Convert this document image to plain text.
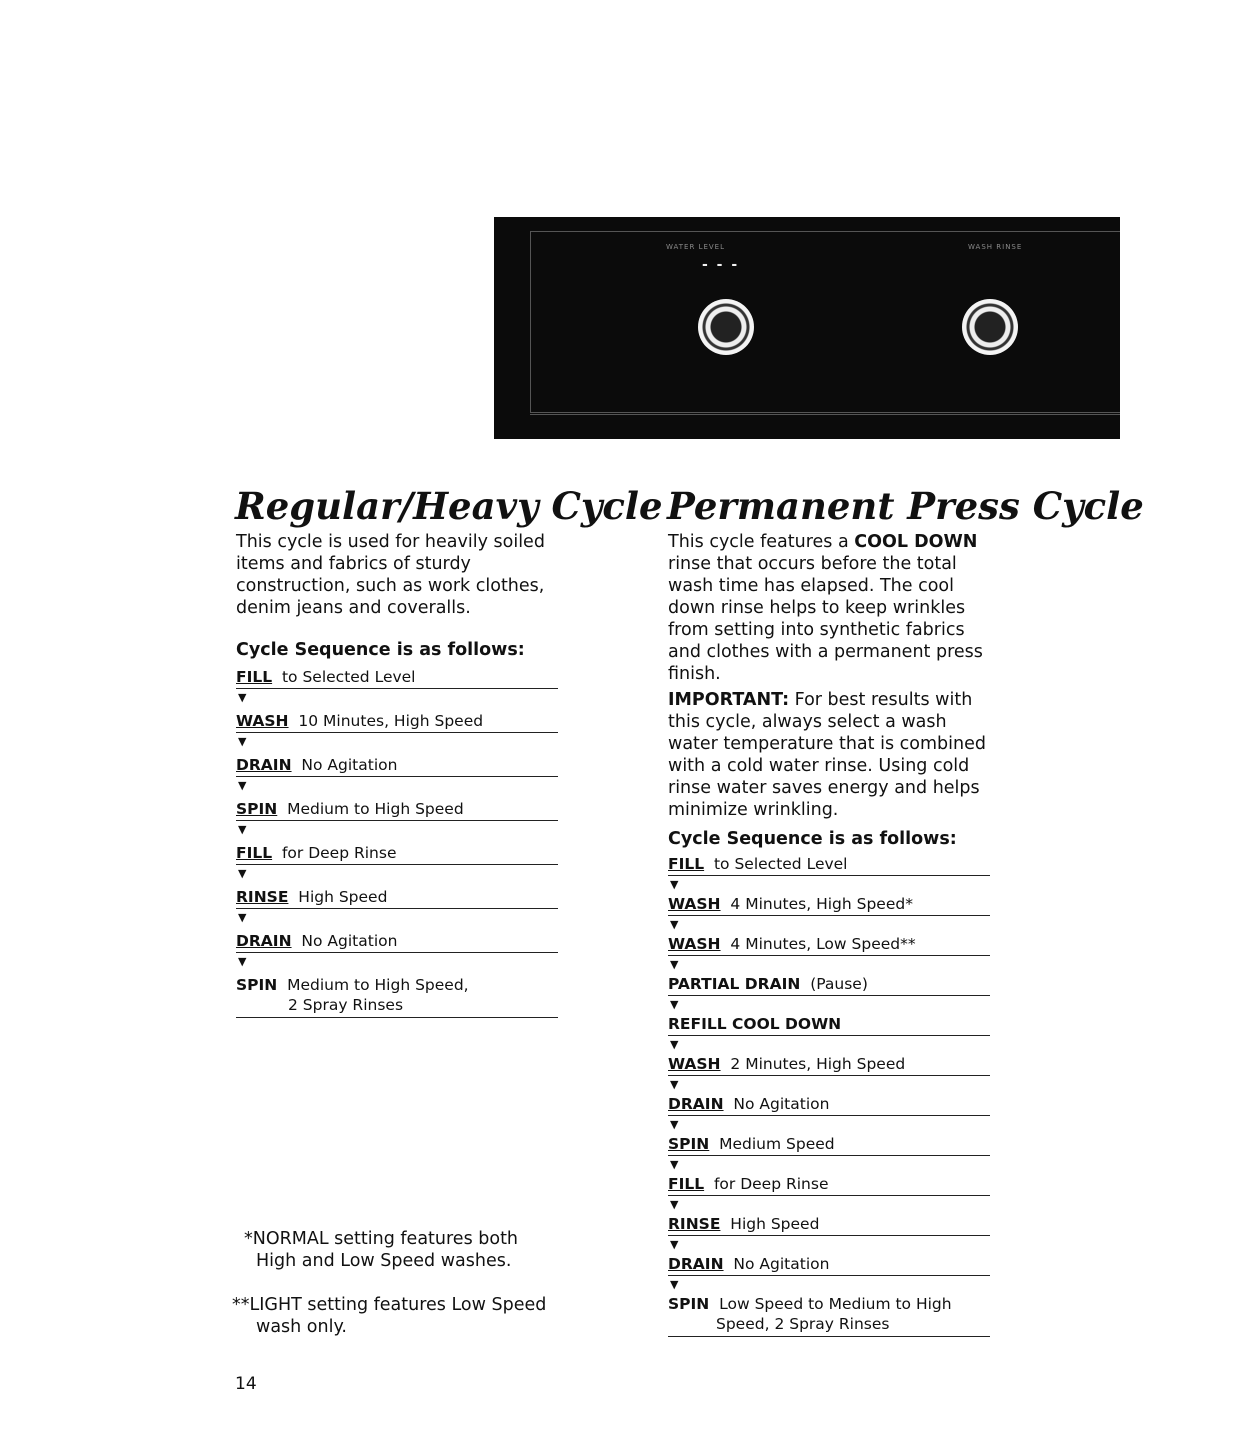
WATER LEVEL	WASH RINSE
- - -
Regular/Heavy Cycle

This cycle is used for heavily soiled items and fabrics of sturdy construction, such as work clothes, denim jeans and coveralls.

Cycle Sequence is as follows:

FILL to Selected Level
▼
WASH 10 Minutes, High Speed
▼
DRAIN No Agitation
▼
SPIN Medium to High Speed
▼
FILL for Deep Rinse
▼
RINSE High Speed
▼
DRAIN No Agitation
▼
SPIN Medium to High Speed,
2 Spray Rinses

*NORMAL setting features both
High and Low Speed washes.

**LIGHT setting features Low Speed
wash only.

Permanent Press Cycle

This cycle features a COOL DOWN rinse that occurs before the total wash time has elapsed. The cool down rinse helps to keep wrinkles from setting into synthetic fabrics and clothes with a permanent press finish.

IMPORTANT: For best results with this cycle, always select a wash water temperature that is combined with a cold water rinse. Using cold rinse water saves energy and helps minimize wrinkling.

Cycle Sequence is as follows:

FILL to Selected Level
▼
WASH 4 Minutes, High Speed*
▼
WASH 4 Minutes, Low Speed**
▼
PARTIAL DRAIN (Pause)
▼
REFILL COOL DOWN
▼
WASH 2 Minutes, High Speed
▼
DRAIN No Agitation
▼
SPIN Medium Speed
▼
FILL for Deep Rinse
▼
RINSE High Speed
▼
DRAIN No Agitation
▼
SPIN Low Speed to Medium to High
Speed, 2 Spray Rinses
14
